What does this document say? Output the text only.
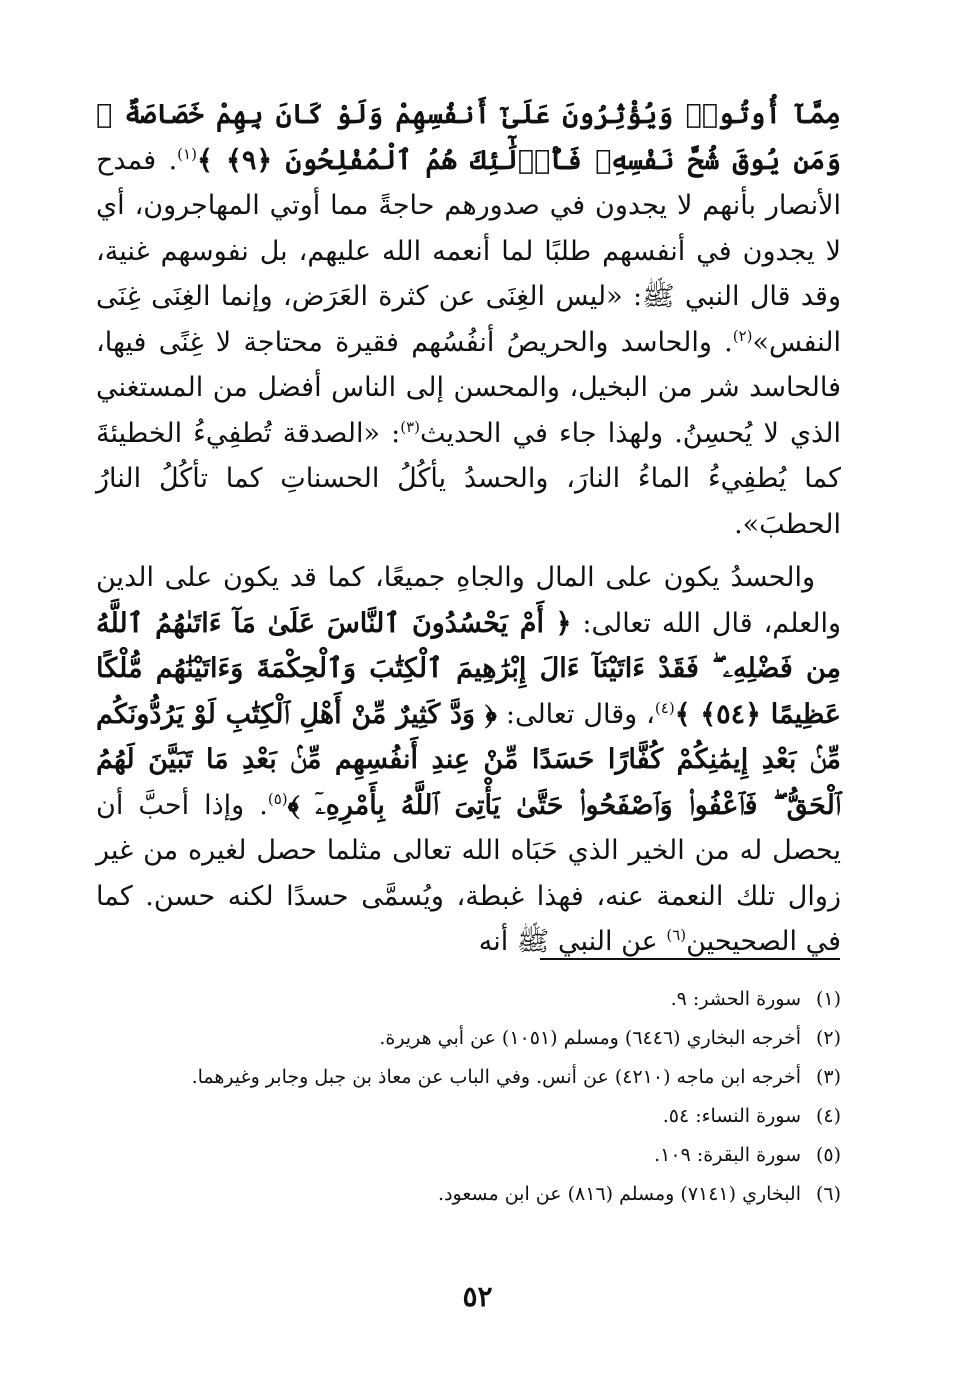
مِمَّآ أُوتُوا۟ وَيُؤْثِرُونَ عَلَىٰٓ أَنفُسِهِمْ وَلَوْ كَانَ بِهِمْ خَصَاصَةٌ ۚ وَمَن يُوقَ شُحَّ نَفْسِهِۦ فَأُو۟لَٰٓئِكَ هُمُ ٱلْمُفْلِحُونَ ﴿٩﴾ ﴾$^{(١)}$. فمدح الأنصار بأنهم لا يجدون في صدورهم حاجةً مما أوتي المهاجرون، أي لا يجدون في أنفسهم طلبًا لما أنعمه الله عليهم، بل نفوسهم غنية، وقد قال النبي ﷺ: «ليس الغِنَى عن كثرة العَرَض، وإنما الغِنَى غِنَى النفس»$^{(٢)}$. والحاسد والحريصُ أنفُسُهم فقيرة محتاجة لا غِنًى فيها، فالحاسد شر من البخيل، والمحسن إلى الناس أفضل من المستغني الذي لا يُحسِنُ. ولهذا جاء في الحديث$^{(٣)}$: «الصدقة تُطفِيءُ الخطيئةَ كما يُطفِيءُ الماءُ النارَ، والحسدُ يأكُلُ الحسناتِ كما تأكُلُ النارُ الحطبَ».

والحسدُ يكون على المال والجاهِ جميعًا، كما قد يكون على الدين والعلم، قال الله تعالى: ﴿ أَمْ يَحْسُدُونَ ٱلنَّاسَ عَلَىٰ مَآ ءَاتَىٰهُمُ ٱللَّهُ مِن فَضْلِهِۦ ۖ فَقَدْ ءَاتَيْنَآ ءَالَ إِبْرَٰهِيمَ ٱلْكِتَٰبَ وَٱلْحِكْمَةَ وَءَاتَيْنَٰهُم مُّلْكًا عَظِيمًا ﴿٥٤﴾ ﴾$^{(٤)}$، وقال تعالى: ﴿ وَدَّ كَثِيرٌ مِّنْ أَهْلِ ٱلْكِتَٰبِ لَوْ يَرُدُّونَكُم مِّنۢ بَعْدِ إِيمَٰنِكُمْ كُفَّارًا حَسَدًا مِّنْ عِندِ أَنفُسِهِم مِّنۢ بَعْدِ مَا تَبَيَّنَ لَهُمُ ٱلْحَقُّ ۖ فَٱعْفُوا۟ وَٱصْفَحُوا۟ حَتَّىٰ يَأْتِىَ ٱللَّهُ بِأَمْرِهِۦٓ ﴾$^{(٥)}$. وإذا أحبَّ أن يحصل له من الخير الذي حَبَاه الله تعالى مثلما حصل لغيره من غير زوال تلك النعمة عنه، فهذا غبطة، ويُسمَّى حسدًا لكنه حسن. كما في الصحيحين$^{(٦)}$ عن النبي ﷺ أنه

(١)
سورة الحشر: ٩.
(٢)
أخرجه البخاري (٦٤٤٦) ومسلم (١٠٥١) عن أبي هريرة.
(٣)
أخرجه ابن ماجه (٤٢١٠) عن أنس. وفي الباب عن معاذ بن جبل وجابر وغيرهما.
(٤)
سورة النساء: ٥٤.
(٥)
سورة البقرة: ١٠٩.
(٦)
البخاري (٧١٤١) ومسلم (٨١٦) عن ابن مسعود.
٥٢
